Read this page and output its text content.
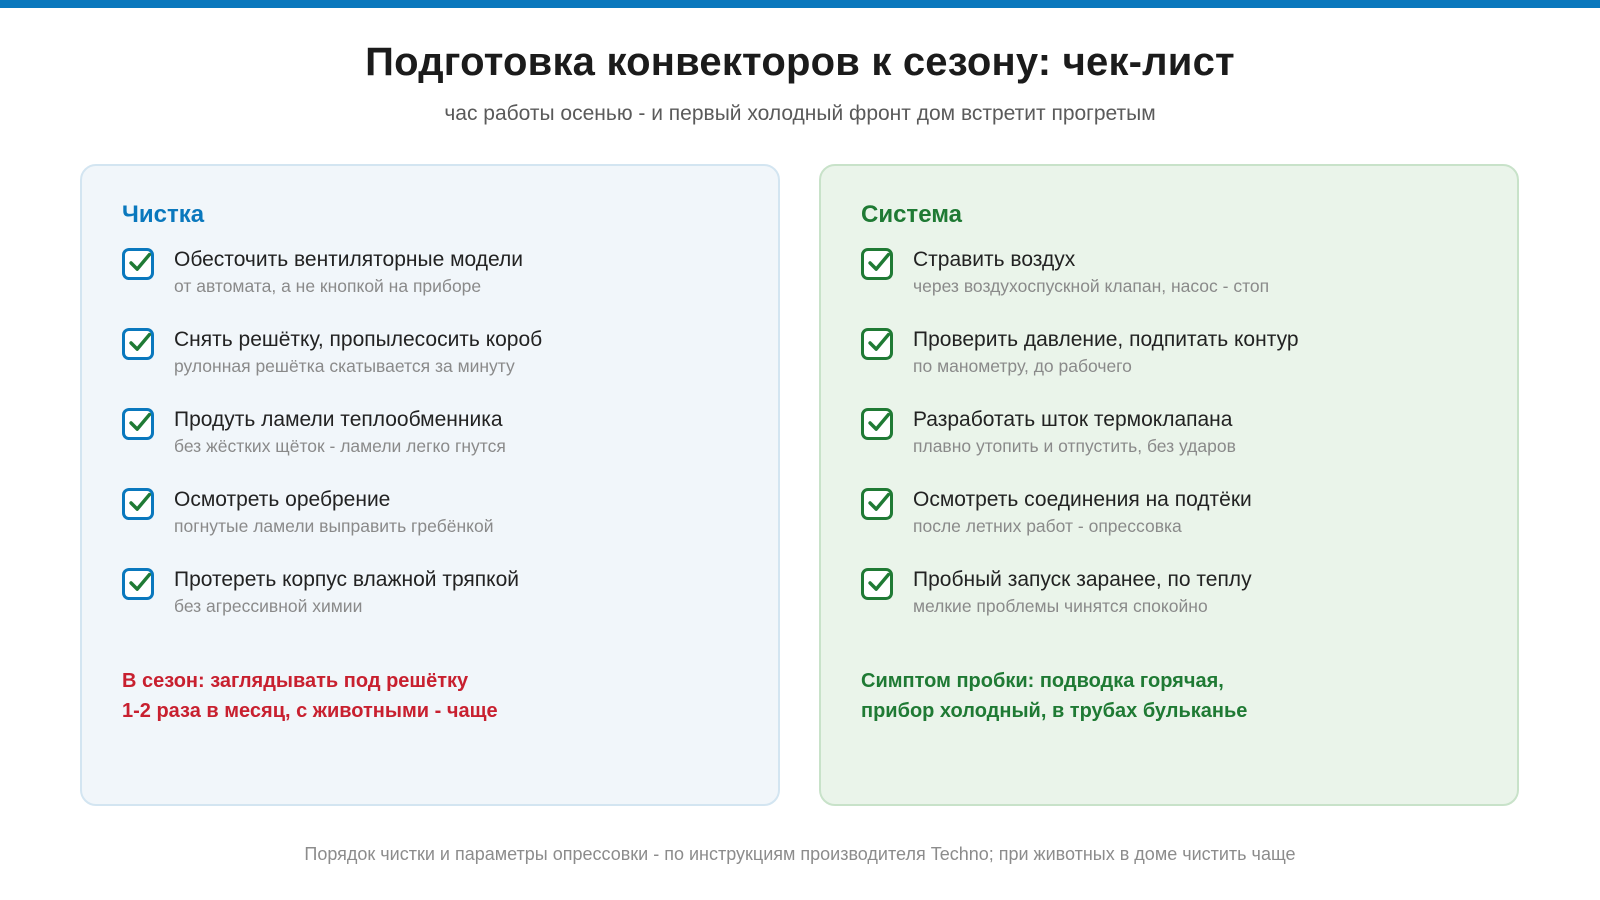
Подготовка конвекторов к сезону: чек-лист

час работы осенью - и первый холодный фронт дом встретит прогретым

Чистка
Обесточить вентиляторные модели
от автомата, а не кнопкой на приборе
Снять решётку, пропылесосить короб
рулонная решётка скатывается за минуту
Продуть ламели теплообменника
без жёстких щёток - ламели легко гнутся
Осмотреть оребрение
погнутые ламели выправить гребёнкой
Протереть корпус влажной тряпкой
без агрессивной химии
В сезон: заглядывать под решётку
1-2 раза в месяц, с животными - чаще
Система
Стравить воздух
через воздухоспускной клапан, насос - стоп
Проверить давление, подпитать контур
по манометру, до рабочего
Разработать шток термоклапана
плавно утопить и отпустить, без ударов
Осмотреть соединения на подтёки
после летних работ - опрессовка
Пробный запуск заранее, по теплу
мелкие проблемы чинятся спокойно
Симптом пробки: подводка горячая,
прибор холодный, в трубах бульканье
Порядок чистки и параметры опрессовки - по инструкциям производителя Techno; при животных в доме чистить чаще
